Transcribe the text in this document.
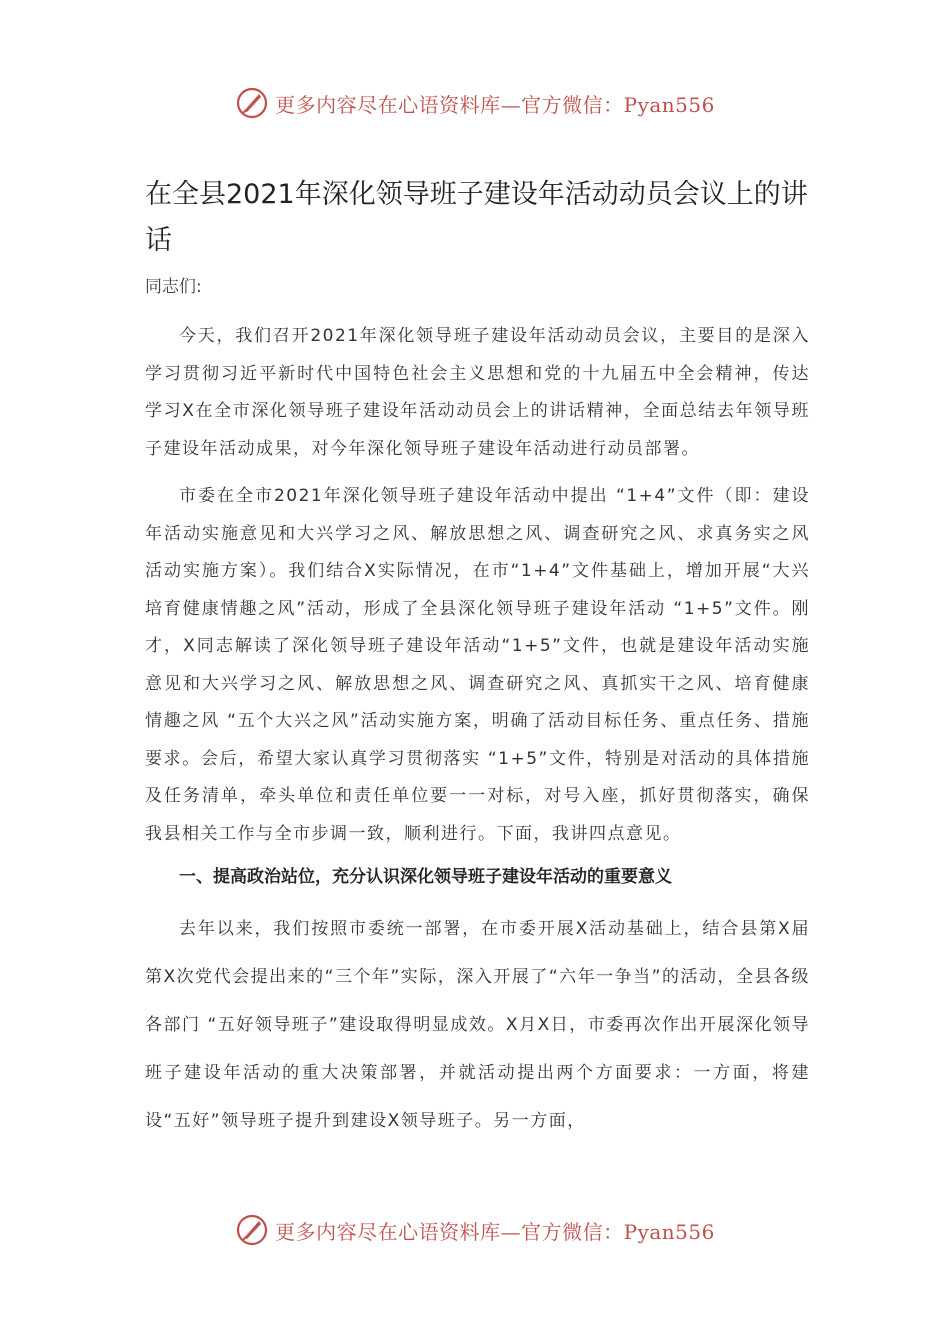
更多内容尽在心语资料库—官方微信：Pyan556
在全县2021年深化领导班子建设年活动动员会议上的讲话
同志们:

今天，我们召开2021年深化领导班子建设年活动动员会议，主要目的是深入学习贯彻习近平新时代中国特色社会主义思想和党的十九届五中全会精神，传达学习X在全市深化领导班子建设年活动动员会上的讲话精神，全面总结去年领导班子建设年活动成果，对今年深化领导班子建设年活动进行动员部署。

市委在全市2021年深化领导班子建设年活动中提出 “1+4”文件（即：建设年活动实施意见和大兴学习之风、解放思想之风、调查研究之风、求真务实之风活动实施方案）。我们结合X实际情况，在市“1+4”文件基础上，增加开展“大兴培育健康情趣之风”活动，形成了全县深化领导班子建设年活动 “1+5”文件。刚才，X同志解读了深化领导班子建设年活动“1+5”文件，也就是建设年活动实施意见和大兴学习之风、解放思想之风、调查研究之风、真抓实干之风、培育健康情趣之风 “五个大兴之风”活动实施方案，明确了活动目标任务、重点任务、措施要求。会后，希望大家认真学习贯彻落实 “1+5”文件，特别是对活动的具体措施及任务清单，牵头单位和责任单位要一一对标，对号入座，抓好贯彻落实，确保我县相关工作与全市步调一致，顺利进行。下面，我讲四点意见。

一、提高政治站位，充分认识深化领导班子建设年活动的重要意义

去年以来，我们按照市委统一部署，在市委开展X活动基础上，结合县第X届第X次党代会提出来的“三个年”实际，深入开展了“六年一争当”的活动，全县各级各部门 “五好领导班子”建设取得明显成效。X月X日，市委再次作出开展深化领导班子建设年活动的重大决策部署，并就活动提出两个方面要求：一方面，将建设“五好”领导班子提升到建设X领导班子。另一方面，

更多内容尽在心语资料库—官方微信：Pyan556
